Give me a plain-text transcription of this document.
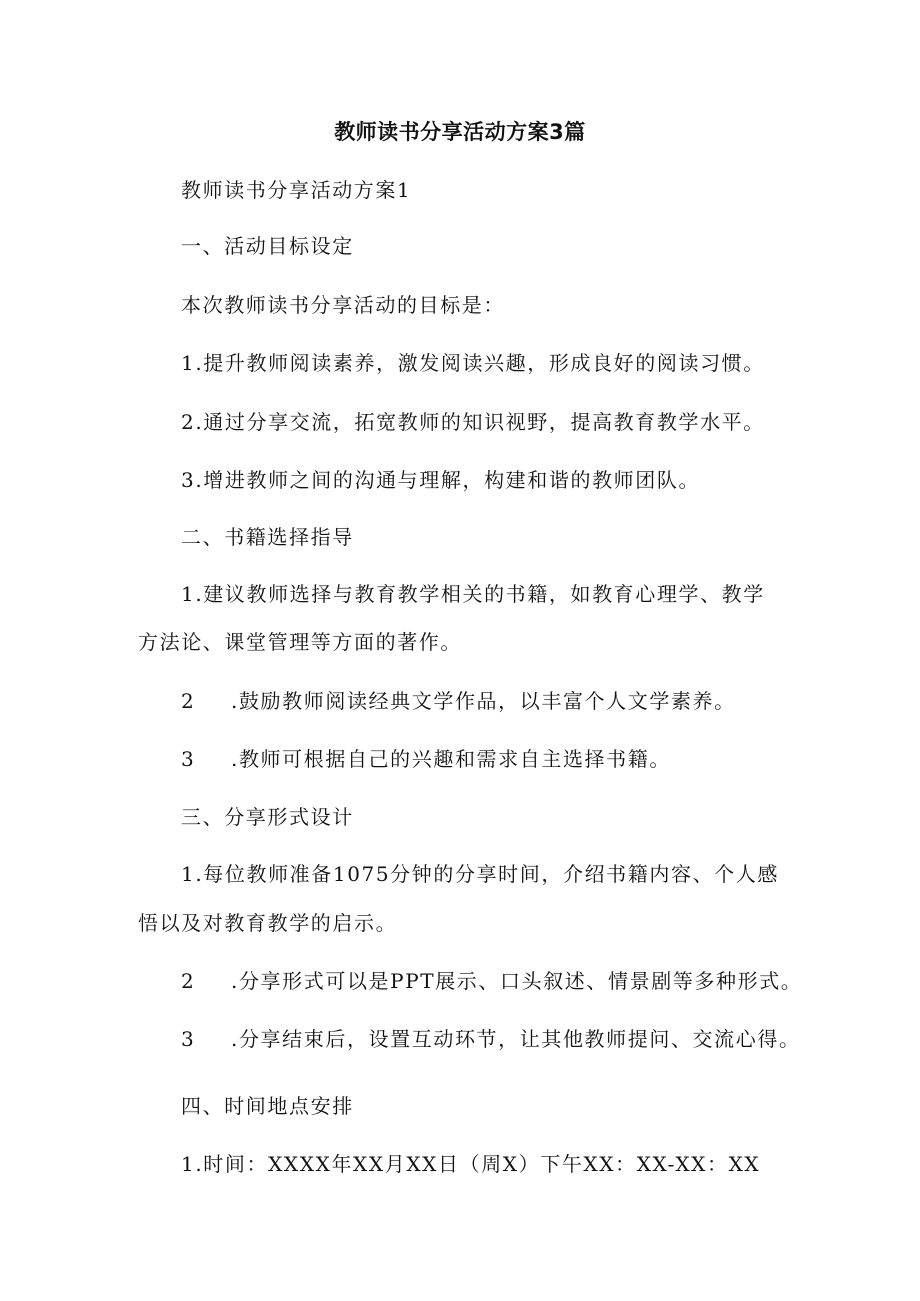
教师读书分享活动方案3篇
教师读书分享活动方案1
一、活动目标设定
本次教师读书分享活动的目标是：
1.提升教师阅读素养，激发阅读兴趣，形成良好的阅读习惯。
2.通过分享交流，拓宽教师的知识视野，提高教育教学水平。
3.增进教师之间的沟通与理解，构建和谐的教师团队。
二、书籍选择指导
1.建议教师选择与教育教学相关的书籍，如教育心理学、教学
方法论、课堂管理等方面的著作。
2 .鼓励教师阅读经典文学作品，以丰富个人文学素养。
3 .教师可根据自己的兴趣和需求自主选择书籍。
三、分享形式设计
1.每位教师准备1075分钟的分享时间，介绍书籍内容、个人感
悟以及对教育教学的启示。
2 .分享形式可以是PPT展示、口头叙述、情景剧等多种形式。
3 .分享结束后，设置互动环节，让其他教师提问、交流心得。
四、时间地点安排
1.时间：XXXX年XX月XX日（周X）下午XX：XX-XX：XX
